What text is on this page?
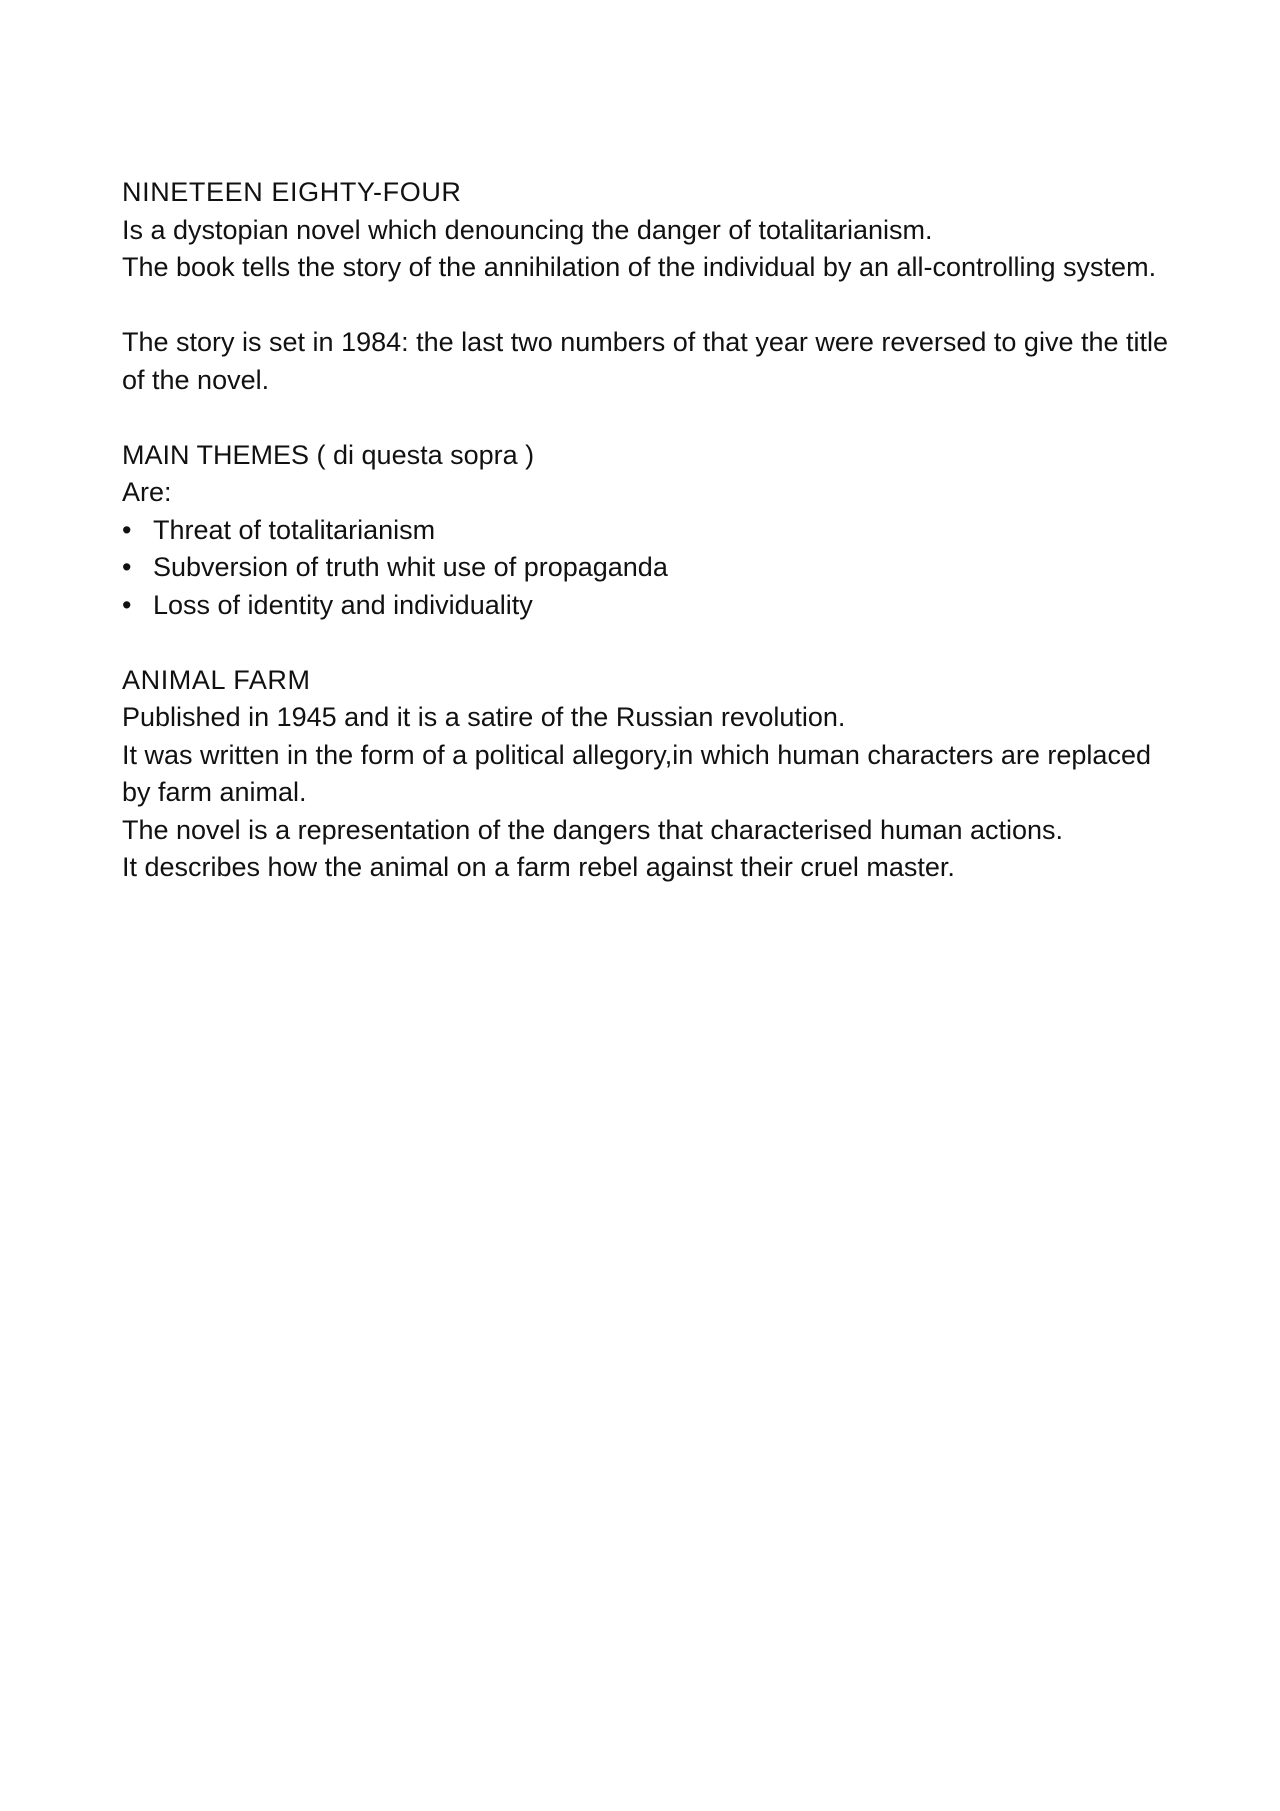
NINETEEN EIGHTY-FOUR
Is a dystopian novel which denouncing the danger of totalitarianism.
The book tells the story of the annihilation of the individual by an all-controlling system.
The story is set in 1984: the last two numbers of that year were reversed to give the title of the novel.
MAIN THEMES ( di questa sopra )
Are:
• Threat of totalitarianism
• Subversion of truth whit use of propaganda
• Loss of identity and individuality
ANIMAL FARM
Published in 1945 and it is a satire of the Russian revolution.
It was written in the form of a political allegory,in which human characters are replaced by farm animal.
The novel is a representation of the dangers that characterised human actions.
It describes how the animal on a farm rebel against their cruel master.
